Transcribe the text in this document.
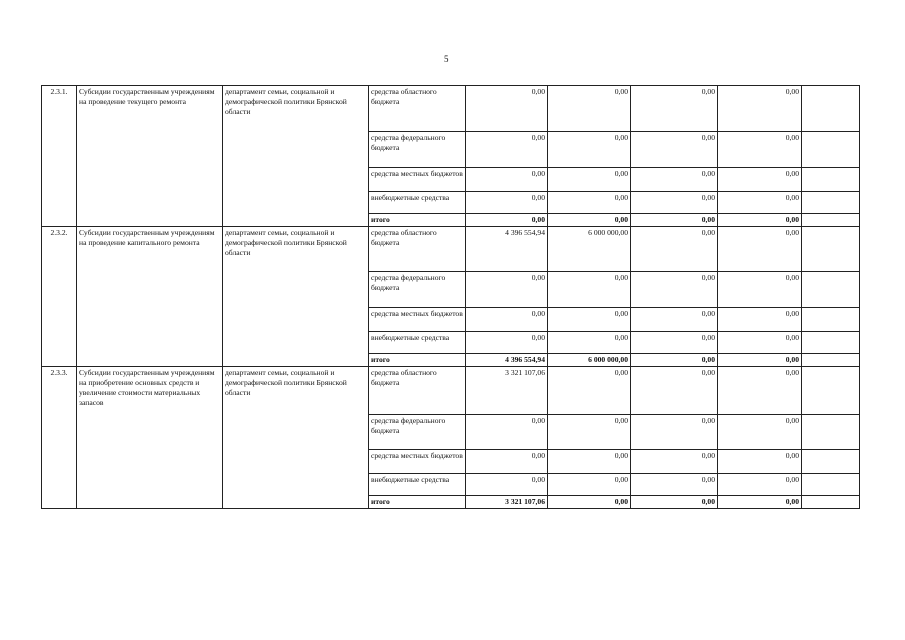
5
2.3.1.	Субсидии государственным учреждениям на проведение текущего ремонта	департамент семьи, социальной и демографической политики Брянской области	средства областного бюджета	0,00	0,00	0,00	0,00	
			средства федерального бюджета	0,00	0,00	0,00	0,00	
			средства местных бюджетов	0,00	0,00	0,00	0,00	
			внебюджетные средства	0,00	0,00	0,00	0,00	
			итого	0,00	0,00	0,00	0,00	
2.3.2.	Субсидии государственным учреждениям на проведение капитального ремонта	департамент семьи, социальной и демографической политики Брянской области	средства областного бюджета	4 396 554,94	6 000 000,00	0,00	0,00	
			средства федерального бюджета	0,00	0,00	0,00	0,00	
			средства местных бюджетов	0,00	0,00	0,00	0,00	
			внебюджетные средства	0,00	0,00	0,00	0,00	
			итого	4 396 554,94	6 000 000,00	0,00	0,00	
2.3.3.	Субсидии государственным учреждениям на приобретение основных средств и увеличение стоимости материальных запасов	департамент семьи, социальной и демографической политики Брянской области	средства областного бюджета	3 321 107,06	0,00	0,00	0,00	
			средства федерального бюджета	0,00	0,00	0,00	0,00	
			средства местных бюджетов	0,00	0,00	0,00	0,00	
			внебюджетные средства	0,00	0,00	0,00	0,00	
			итого	3 321 107,06	0,00	0,00	0,00	
